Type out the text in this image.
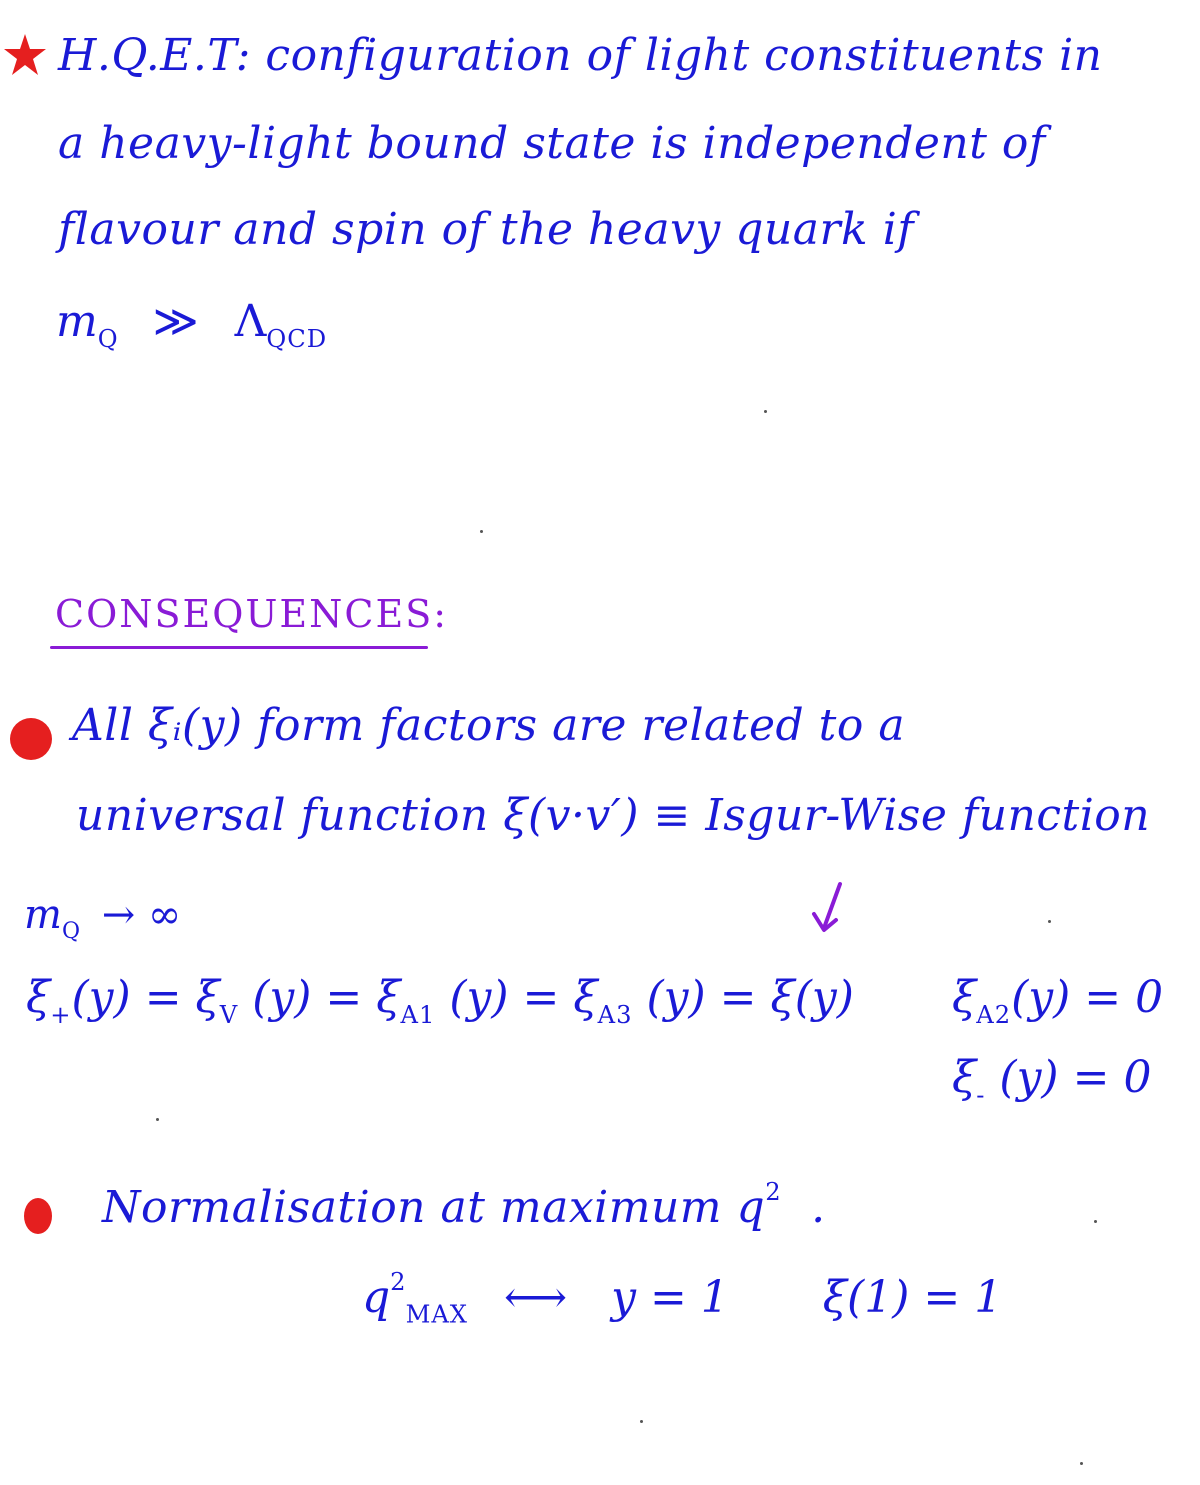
H.Q.E.T: configuration of light constituents in
a heavy-light bound state is independent of
flavour and spin of the heavy quark if
$m_Q$ ≫ $\Lambda_{QCD}$
CONSEQUENCES:
All ξᵢ(y) form factors are related to a
universal function ξ(v·v′) ≡ Isgur-Wise function
$m_Q$ → ∞
$\xi_+(y) = \xi_V$ $(y) = \xi_{A1}$ $(y) = \xi_{A3}$ (y) = ξ(y) $\xi_{A2}(y) = 0$
$\xi_-$ (y) = 0
Normalisation at maximum $q^2$ .
$q^2_{MAX}$ ⟷ y = 1 ξ(1) = 1
